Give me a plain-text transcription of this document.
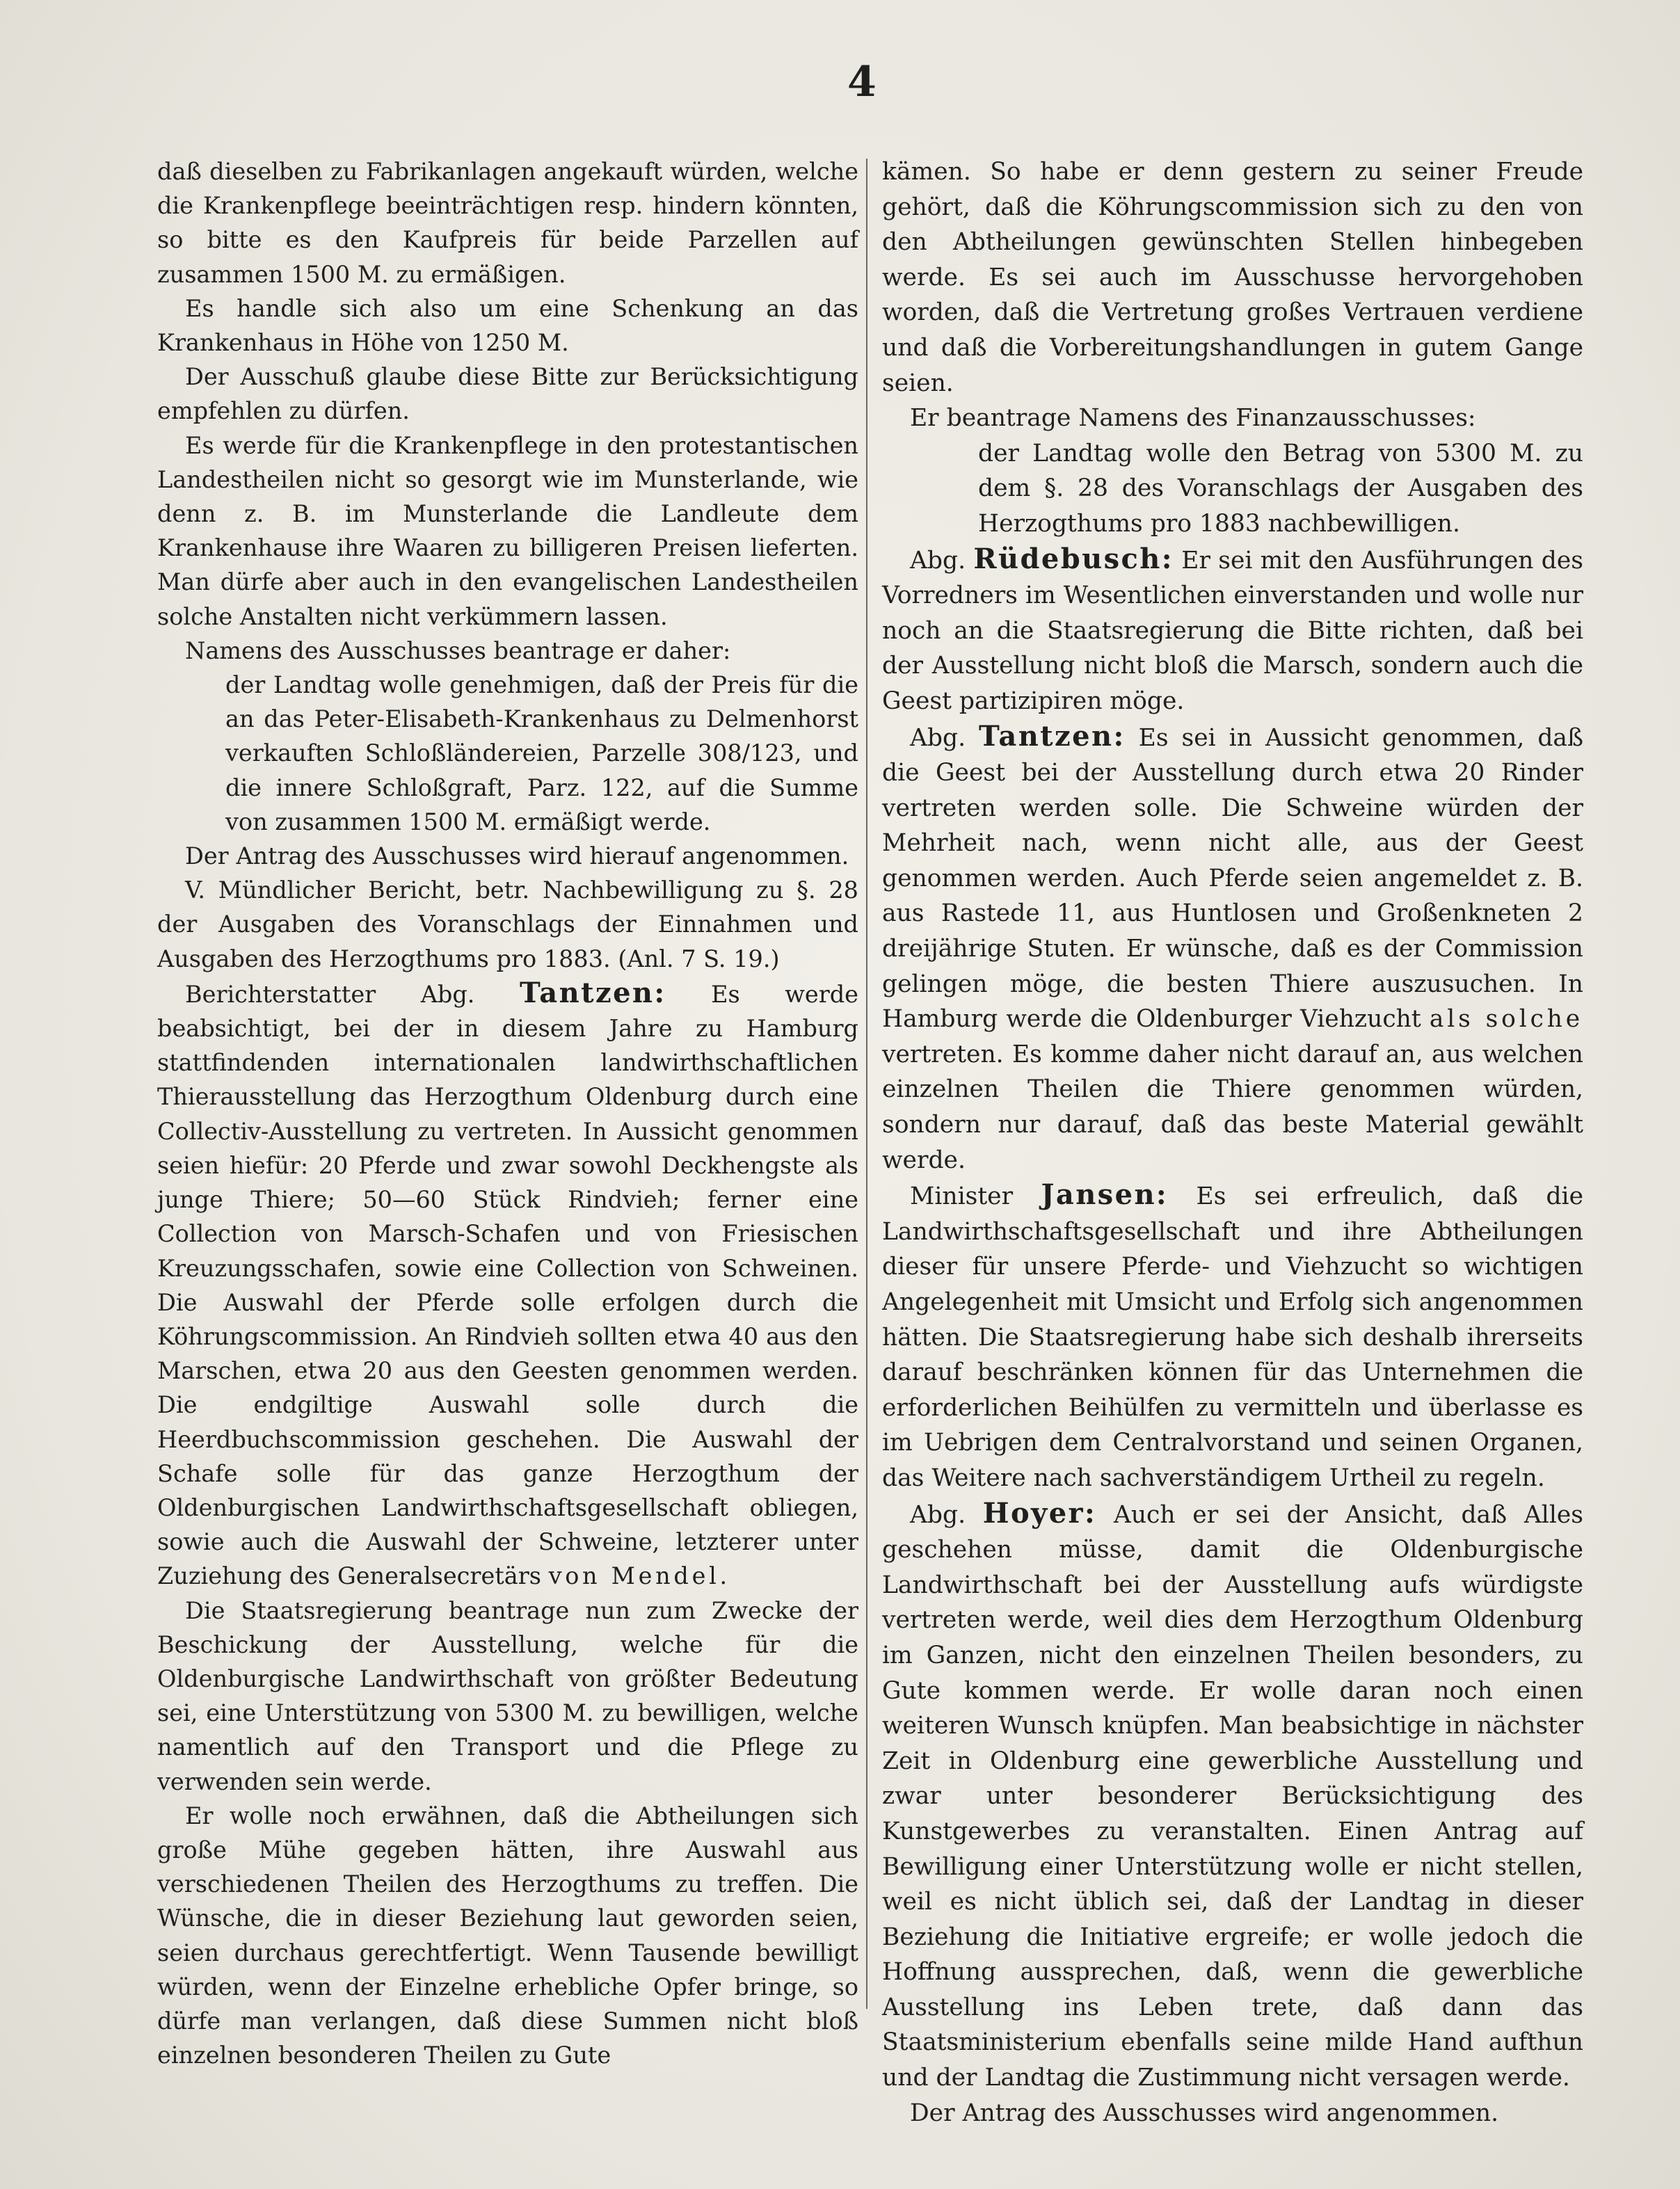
4

daß dieselben zu Fabrikanlagen angekauft würden, welche die Krankenpflege beeinträchtigen resp. hindern könnten, so bitte es den Kaufpreis für beide Parzellen auf zusammen 1500 M. zu ermäßigen.

Es handle sich also um eine Schenkung an das Krankenhaus in Höhe von 1250 M.

Der Ausschuß glaube diese Bitte zur Berücksichtigung empfehlen zu dürfen.

Es werde für die Krankenpflege in den protestantischen Landestheilen nicht so gesorgt wie im Munsterlande, wie denn z. B. im Munsterlande die Landleute dem Krankenhause ihre Waaren zu billigeren Preisen lieferten. Man dürfe aber auch in den evangelischen Landestheilen solche Anstalten nicht verkümmern lassen.

Namens des Ausschusses beantrage er daher:

der Landtag wolle genehmigen, daß der Preis für die an das Peter-Elisabeth-Krankenhaus zu Delmenhorst verkauften Schloßländereien, Parzelle 308/123, und die innere Schloßgraft, Parz. 122, auf die Summe von zusammen 1500 M. ermäßigt werde.

Der Antrag des Ausschusses wird hierauf angenommen.

V. Mündlicher Bericht, betr. Nachbewilligung zu §. 28 der Ausgaben des Voranschlags der Einnahmen und Ausgaben des Herzogthums pro 1883. (Anl. 7 S. 19.)

Berichterstatter Abg. Tantzen: Es werde beabsichtigt, bei der in diesem Jahre zu Hamburg stattfindenden internationalen landwirthschaftlichen Thierausstellung das Herzogthum Oldenburg durch eine Collectiv-Ausstellung zu vertreten. In Aussicht genommen seien hiefür: 20 Pferde und zwar sowohl Deckhengste als junge Thiere; 50—60 Stück Rindvieh; ferner eine Collection von Marsch-Schafen und von Friesischen Kreuzungsschafen, sowie eine Collection von Schweinen. Die Auswahl der Pferde solle erfolgen durch die Köhrungscommission. An Rindvieh sollten etwa 40 aus den Marschen, etwa 20 aus den Geesten genommen werden. Die endgiltige Auswahl solle durch die Heerdbuchscommission geschehen. Die Auswahl der Schafe solle für das ganze Herzogthum der Oldenburgischen Landwirthschaftsgesellschaft obliegen, sowie auch die Auswahl der Schweine, letzterer unter Zuziehung des Generalsecretärs von Mendel.

Die Staatsregierung beantrage nun zum Zwecke der Beschickung der Ausstellung, welche für die Oldenburgische Landwirthschaft von größter Bedeutung sei, eine Unterstützung von 5300 M. zu bewilligen, welche namentlich auf den Transport und die Pflege zu verwenden sein werde.

Er wolle noch erwähnen, daß die Abtheilungen sich große Mühe gegeben hätten, ihre Auswahl aus verschiedenen Theilen des Herzogthums zu treffen. Die Wünsche, die in dieser Beziehung laut geworden seien, seien durchaus gerechtfertigt. Wenn Tausende bewilligt würden, wenn der Einzelne erhebliche Opfer bringe, so dürfe man verlangen, daß diese Summen nicht bloß einzelnen besonderen Theilen zu Gute

kämen. So habe er denn gestern zu seiner Freude gehört, daß die Köhrungscommission sich zu den von den Abtheilungen gewünschten Stellen hinbegeben werde. Es sei auch im Ausschusse hervorgehoben worden, daß die Vertretung großes Vertrauen verdiene und daß die Vorbereitungshandlungen in gutem Gange seien.

Er beantrage Namens des Finanzausschusses:

der Landtag wolle den Betrag von 5300 M. zu dem §. 28 des Voranschlags der Ausgaben des Herzogthums pro 1883 nachbewilligen.

Abg. Rüdebusch: Er sei mit den Ausführungen des Vorredners im Wesentlichen einverstanden und wolle nur noch an die Staatsregierung die Bitte richten, daß bei der Ausstellung nicht bloß die Marsch, sondern auch die Geest partizipiren möge.

Abg. Tantzen: Es sei in Aussicht genommen, daß die Geest bei der Ausstellung durch etwa 20 Rinder vertreten werden solle. Die Schweine würden der Mehrheit nach, wenn nicht alle, aus der Geest genommen werden. Auch Pferde seien angemeldet z. B. aus Rastede 11, aus Huntlosen und Großenkneten 2 dreijährige Stuten. Er wünsche, daß es der Commission gelingen möge, die besten Thiere auszusuchen. In Hamburg werde die Oldenburger Viehzucht als solche vertreten. Es komme daher nicht darauf an, aus welchen einzelnen Theilen die Thiere genommen würden, sondern nur darauf, daß das beste Material gewählt werde.

Minister Jansen: Es sei erfreulich, daß die Landwirthschaftsgesellschaft und ihre Abtheilungen dieser für unsere Pferde- und Viehzucht so wichtigen Angelegenheit mit Umsicht und Erfolg sich angenommen hätten. Die Staatsregierung habe sich deshalb ihrerseits darauf beschränken können für das Unternehmen die erforderlichen Beihülfen zu vermitteln und überlasse es im Uebrigen dem Centralvorstand und seinen Organen, das Weitere nach sachverständigem Urtheil zu regeln.

Abg. Hoyer: Auch er sei der Ansicht, daß Alles geschehen müsse, damit die Oldenburgische Landwirthschaft bei der Ausstellung aufs würdigste vertreten werde, weil dies dem Herzogthum Oldenburg im Ganzen, nicht den einzelnen Theilen besonders, zu Gute kommen werde. Er wolle daran noch einen weiteren Wunsch knüpfen. Man beabsichtige in nächster Zeit in Oldenburg eine gewerbliche Ausstellung und zwar unter besonderer Berücksichtigung des Kunstgewerbes zu veranstalten. Einen Antrag auf Bewilligung einer Unterstützung wolle er nicht stellen, weil es nicht üblich sei, daß der Landtag in dieser Beziehung die Initiative ergreife; er wolle jedoch die Hoffnung aussprechen, daß, wenn die gewerbliche Ausstellung ins Leben trete, daß dann das Staatsministerium ebenfalls seine milde Hand aufthun und der Landtag die Zustimmung nicht versagen werde.

Der Antrag des Ausschusses wird angenommen.
